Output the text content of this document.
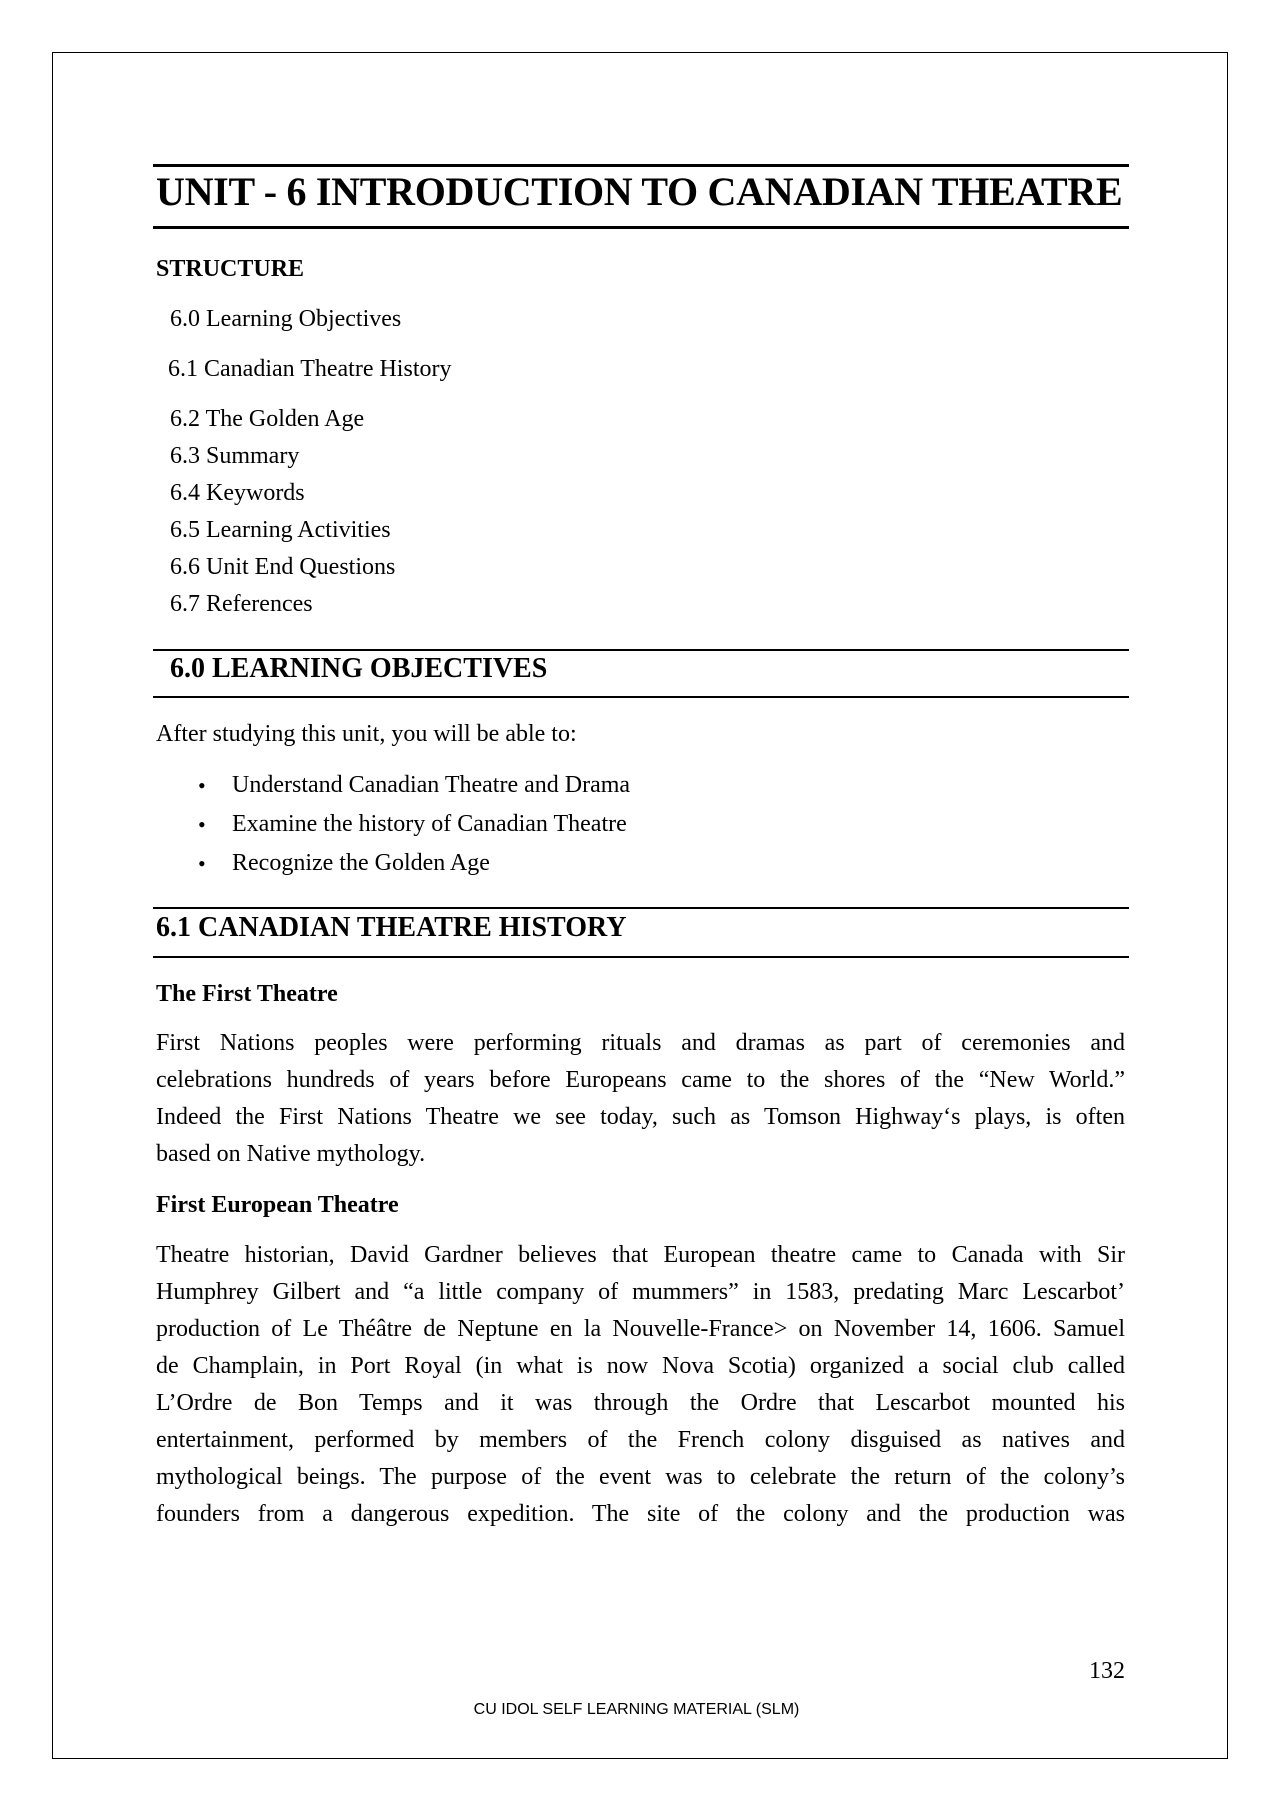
UNIT - 6 INTRODUCTION TO CANADIAN THEATRE
STRUCTURE
6.0 Learning Objectives
6.1 Canadian Theatre History
6.2 The Golden Age
6.3 Summary
6.4 Keywords
6.5 Learning Activities
6.6 Unit End Questions
6.7 References
6.0 LEARNING OBJECTIVES
After studying this unit, you will be able to:
• Understand Canadian Theatre and Drama
• Examine the history of Canadian Theatre
• Recognize the Golden Age
6.1 CANADIAN THEATRE HISTORY
The First Theatre
First Nations peoples were performing rituals and dramas as part of ceremonies and
celebrations hundreds of years before Europeans came to the shores of the “New World.”
Indeed the First Nations Theatre we see today, such as Tomson Highway‘s plays, is often
based on Native mythology.
First European Theatre
Theatre historian, David Gardner believes that European theatre came to Canada with Sir
Humphrey Gilbert and “a little company of mummers” in 1583, predating Marc Lescarbot’
production of Le Théâtre de Neptune en la Nouvelle-France> on November 14, 1606. Samuel
de Champlain, in Port Royal (in what is now Nova Scotia) organized a social club called
L’Ordre de Bon Temps and it was through the Ordre that Lescarbot mounted his
entertainment, performed by members of the French colony disguised as natives and
mythological beings. The purpose of the event was to celebrate the return of the colony’s
founders from a dangerous expedition. The site of the colony and the production was
132
CU IDOL SELF LEARNING MATERIAL (SLM)
